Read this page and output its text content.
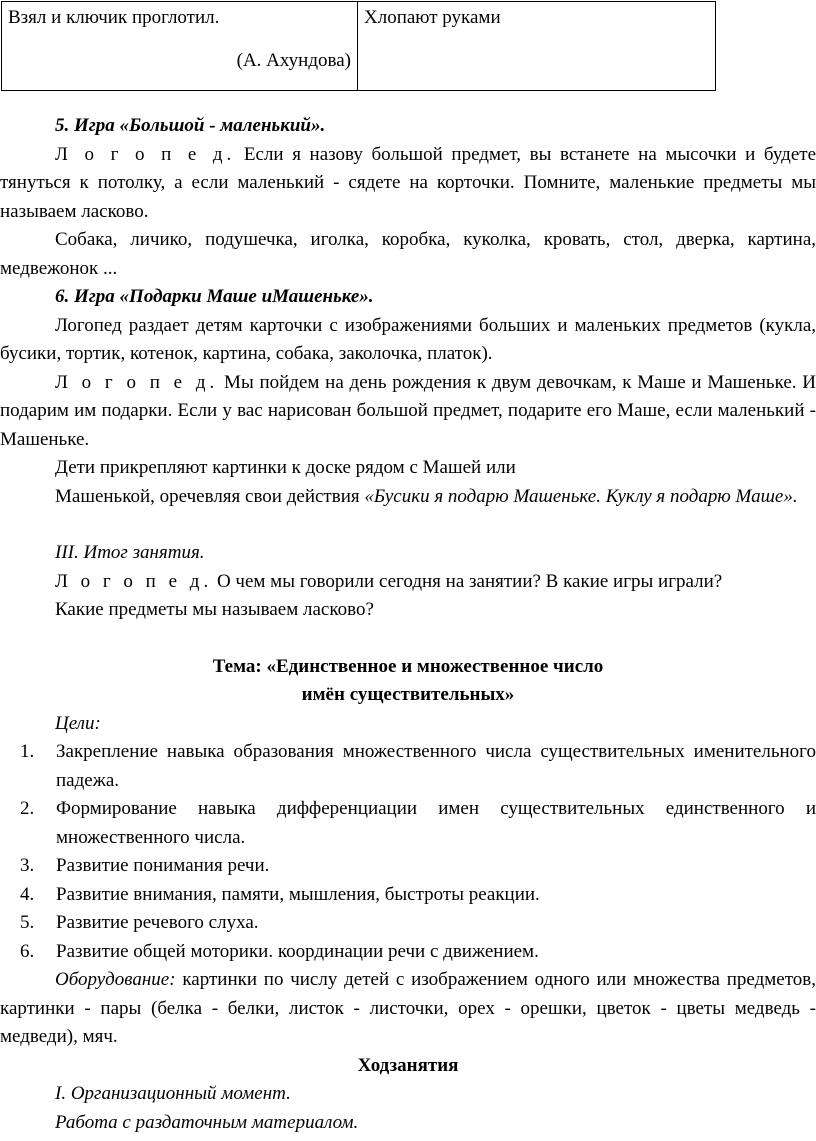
Взял и ключик проглотил.
(А. Ахундова)
	Хлопают руками

5. Игра «Большой - маленький».

Л о г о п е д. Если я назову большой предмет, вы встанете на мысочки и будете тянуться к потолку, а если маленький - сядете на корточки. Помните, маленькие предметы мы называем ласково.

Собака, личико, подушечка, иголка, коробка, куколка, кровать, стол, дверка, картина, медвежонок ...

6. Игра «Подарки Маше иМашеньке».

Логопед раздает детям карточки с изображениями больших и маленьких предметов (кукла, бусики, тортик, котенок, картина, собака, заколочка, платок).

Л о г о п е д. Мы пойдем на день рождения к двум девочкам, к Маше и Машеньке. И подарим им подарки. Если у вас нарисован большой предмет, подарите его Маше, если маленький - Машеньке.

Дети прикрепляют картинки к доске рядом с Машей или

Машенькой, оречевляя свои действия «Бусики я подарю Машеньке. Куклу я подарю Маше».

III. Итог занятия.

Л о г о п е д. О чем мы говорили сегодня на занятии? В какие игры играли?

Какие предметы мы называем ласково?

Тема: «Единственное и множественное число

имён существительных»

Цели:

1. Закрепление навыка образования множественного числа существительных именительного падежа.
2. Формирование навыка дифференциации имен существительных единственного и множественного числа.
3. Развитие понимания речи.
4. Развитие внимания, памяти, мышления, быстроты реакции.
5. Развитие речевого слуха.
6. Развитие общей моторики. координации речи с движением.

Оборудование: картинки по числу детей с изображением одного или множества предметов, картинки - пары (белка - белки, листок - листочки, орех - орешки, цветок - цветы медведь - медведи), мяч.

Ходзанятия

I. Организационный момент.

Работа с раздаточным материалом.
